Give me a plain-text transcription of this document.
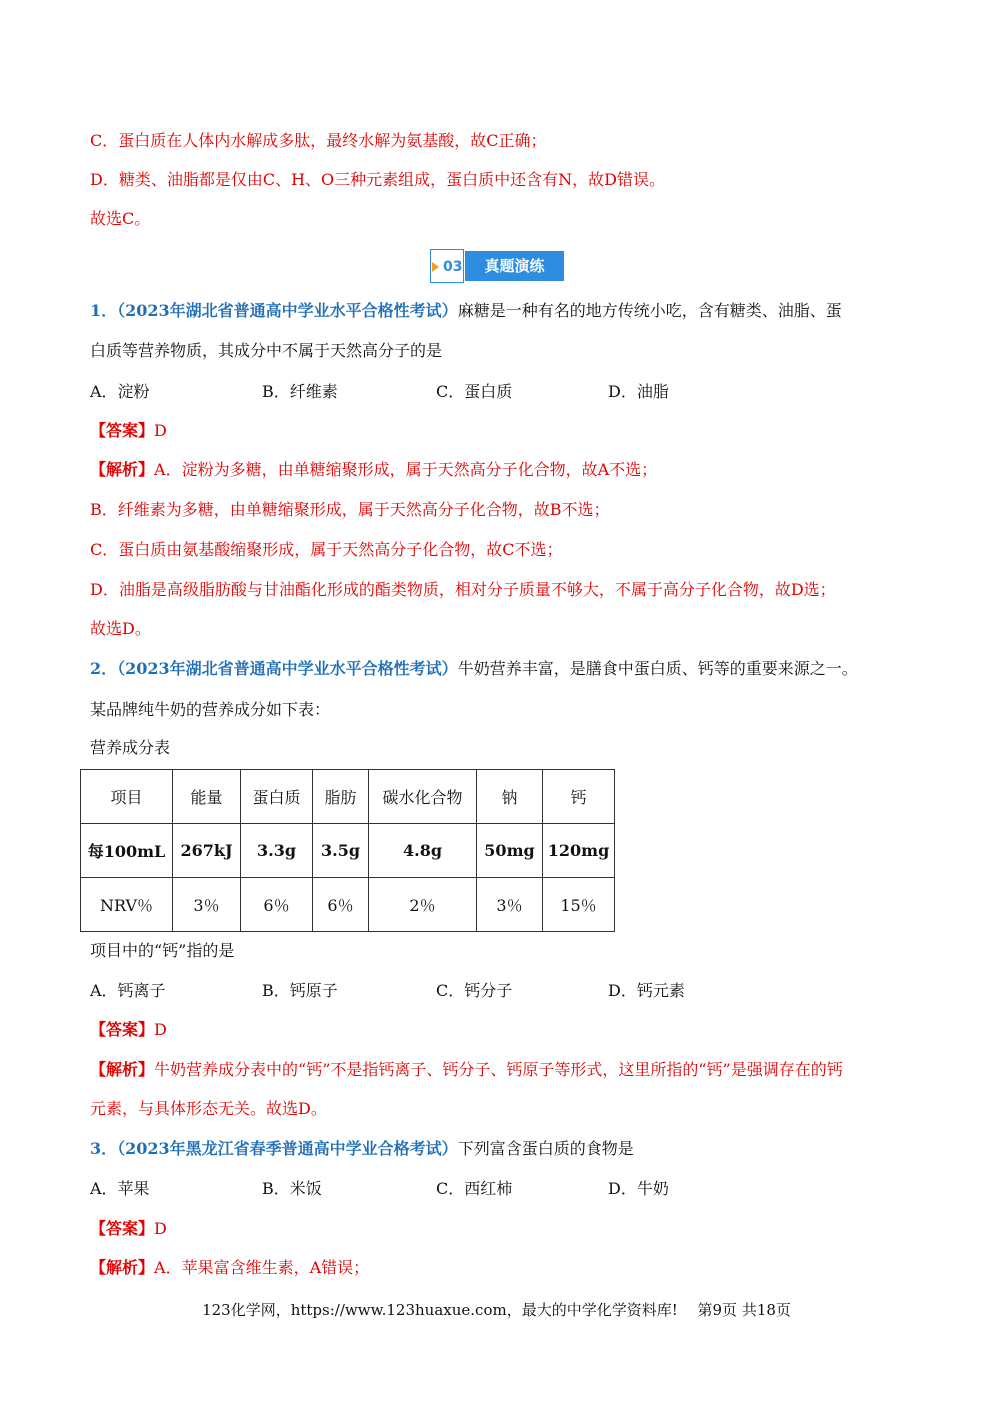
C．蛋白质在人体内水解成多肽，最终水解为氨基酸，故C正确；
D．糖类、油脂都是仅由C、H、O三种元素组成，蛋白质中还含有N，故D错误。
故选C。
03	真题演练
1．（2023年湖北省普通高中学业水平合格性考试）麻糖是一种有名的地方传统小吃，含有糖类、油脂、蛋
白质等营养物质，其成分中不属于天然高分子的是
A．淀粉	B．纤维素	C．蛋白质	D．油脂
【答案】D
【解析】A．淀粉为多糖，由单糖缩聚形成，属于天然高分子化合物，故A不选；
B．纤维素为多糖，由单糖缩聚形成，属于天然高分子化合物，故B不选；
C．蛋白质由氨基酸缩聚形成，属于天然高分子化合物，故C不选；
D．油脂是高级脂肪酸与甘油酯化形成的酯类物质，相对分子质量不够大，不属于高分子化合物，故D选；
故选D。
2．（2023年湖北省普通高中学业水平合格性考试）牛奶营养丰富，是膳食中蛋白质、钙等的重要来源之一。
某品牌纯牛奶的营养成分如下表：
营养成分表
项目	能量	蛋白质	脂肪	碳水化合物	钠	钙
每100mL	267kJ	3.3g	3.5g	4.8g	50mg	120mg
NRV％	3％	6％	6％	2％	3％	15％
项目中的“钙”指的是
A．钙离子	B．钙原子	C．钙分子	D．钙元素
【答案】D
【解析】牛奶营养成分表中的“钙”不是指钙离子、钙分子、钙原子等形式，这里所指的“钙”是强调存在的钙
元素，与具体形态无关。故选D。
3．（2023年黑龙江省春季普通高中学业合格考试）下列富含蛋白质的食物是
A．苹果	B．米饭	C．西红柿	D．牛奶
【答案】D
【解析】A．苹果富含维生素，A错误；
123化学网，https://www.123huaxue.com，最大的中学化学资料库!　 第9页 共18页
